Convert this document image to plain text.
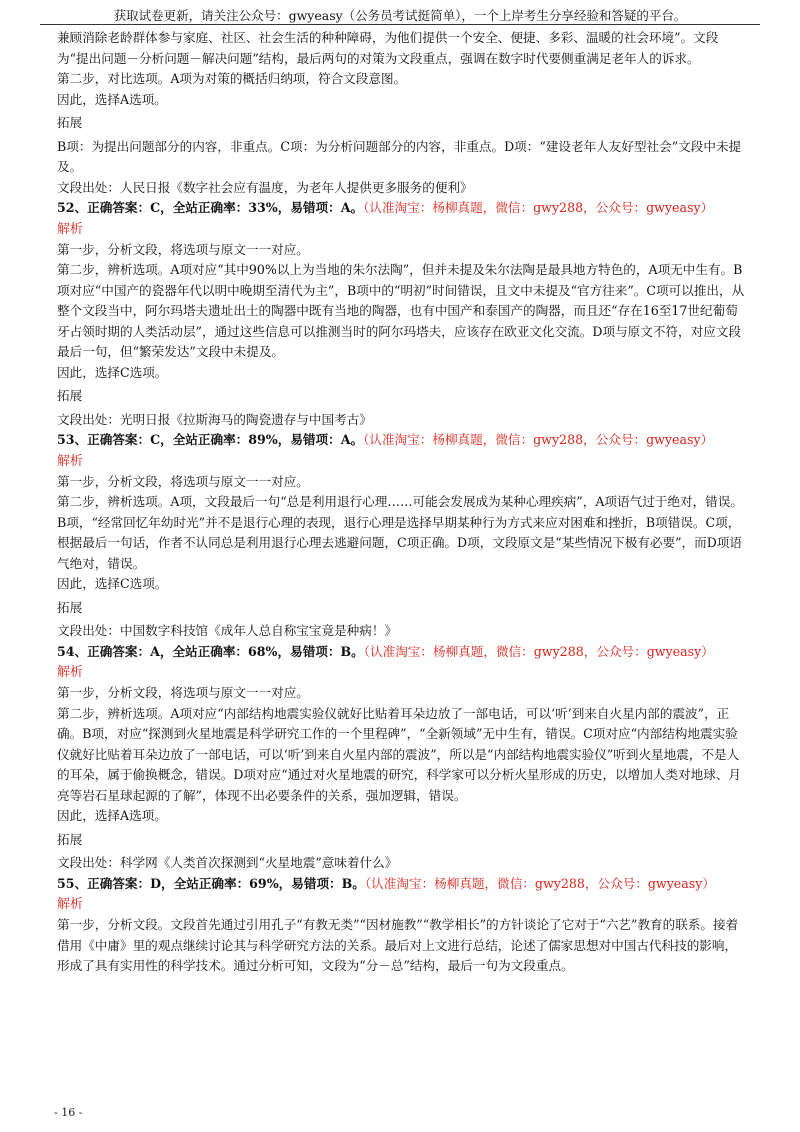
获取试卷更新，请关注公众号：gwyeasy（公务员考试挺简单），一个上岸考生分享经验和答疑的平台。

兼顾消除老龄群体参与家庭、社区、社会生活的种种障碍，为他们提供一个安全、便捷、多彩、温暖的社会环境”。文段为“提出问题－分析问题－解决问题”结构，最后两句的对策为文段重点，强调在数字时代要侧重满足老年人的诉求。

第二步，对比选项。A项为对策的概括归纳项，符合文段意图。

因此，选择A选项。

拓展

B项：为提出问题部分的内容，非重点。C项：为分析问题部分的内容，非重点。D项：“建设老年人友好型社会”文段中未提及。

文段出处：人民日报《数字社会应有温度，为老年人提供更多服务的便利》

52、正确答案：C，全站正确率：33%，易错项：A。（认准淘宝：杨柳真题，微信：gwy288，公众号：gwyeasy）
解析

第一步，分析文段，将选项与原文一一对应。

第二步，辨析选项。A项对应“其中90%以上为当地的朱尔法陶”，但并未提及朱尔法陶是最具地方特色的，A项无中生有。B项对应“中国产的瓷器年代以明中晚期至清代为主”，B项中的“明初”时间错误，且文中未提及“官方往来”。C项可以推出，从整个文段当中，阿尔玛塔夫遗址出土的陶器中既有当地的陶器，也有中国产和泰国产的陶器，而且还“存在16至17世纪葡萄牙占领时期的人类活动层”，通过这些信息可以推测当时的阿尔玛塔夫，应该存在欧亚文化交流。D项与原文不符，对应文段最后一句，但“繁荣发达”文段中未提及。

因此，选择C选项。

拓展

文段出处：光明日报《拉斯海马的陶瓷遗存与中国考古》

53、正确答案：C，全站正确率：89%，易错项：A。（认准淘宝：杨柳真题，微信：gwy288，公众号：gwyeasy）
解析

第一步，分析文段，将选项与原文一一对应。

第二步，辨析选项。A项，文段最后一句“总是利用退行心理……可能会发展成为某种心理疾病”，A项语气过于绝对，错误。B项，“经常回忆年幼时光”并不是退行心理的表现，退行心理是选择早期某种行为方式来应对困难和挫折，B项错误。C项，根据最后一句话，作者不认同总是利用退行心理去逃避问题，C项正确。D项，文段原文是“某些情况下极有必要”，而D项语气绝对，错误。

因此，选择C选项。

拓展

文段出处：中国数字科技馆《成年人总自称宝宝竟是种病！》

54、正确答案：A，全站正确率：68%，易错项：B。（认准淘宝：杨柳真题，微信：gwy288，公众号：gwyeasy）
解析

第一步，分析文段，将选项与原文一一对应。

第二步，辨析选项。A项对应“内部结构地震实验仪就好比贴着耳朵边放了一部电话，可以‘听’到来自火星内部的震波”，正确。B项，对应“探测到火星地震是科学研究工作的一个里程碑”，“全新领域”无中生有，错误。C项对应“内部结构地震实验仪就好比贴着耳朵边放了一部电话，可以‘听’到来自火星内部的震波”，所以是“内部结构地震实验仪”听到火星地震，不是人的耳朵，属于偷换概念，错误。D项对应“通过对火星地震的研究，科学家可以分析火星形成的历史，以增加人类对地球、月亮等岩石星球起源的了解”，体现不出必要条件的关系，强加逻辑，错误。

因此，选择A选项。

拓展

文段出处：科学网《人类首次探测到“火星地震”意味着什么》

55、正确答案：D，全站正确率：69%，易错项：B。（认准淘宝：杨柳真题，微信：gwy288，公众号：gwyeasy）
解析

第一步，分析文段。文段首先通过引用孔子“有教无类”“因材施教”“教学相长”的方针谈论了它对于“六艺”教育的联系。接着借用《中庸》里的观点继续讨论其与科学研究方法的关系。最后对上文进行总结，论述了儒家思想对中国古代科技的影响，形成了具有实用性的科学技术。通过分析可知，文段为“分－总”结构，最后一句为文段重点。

- 16 -
